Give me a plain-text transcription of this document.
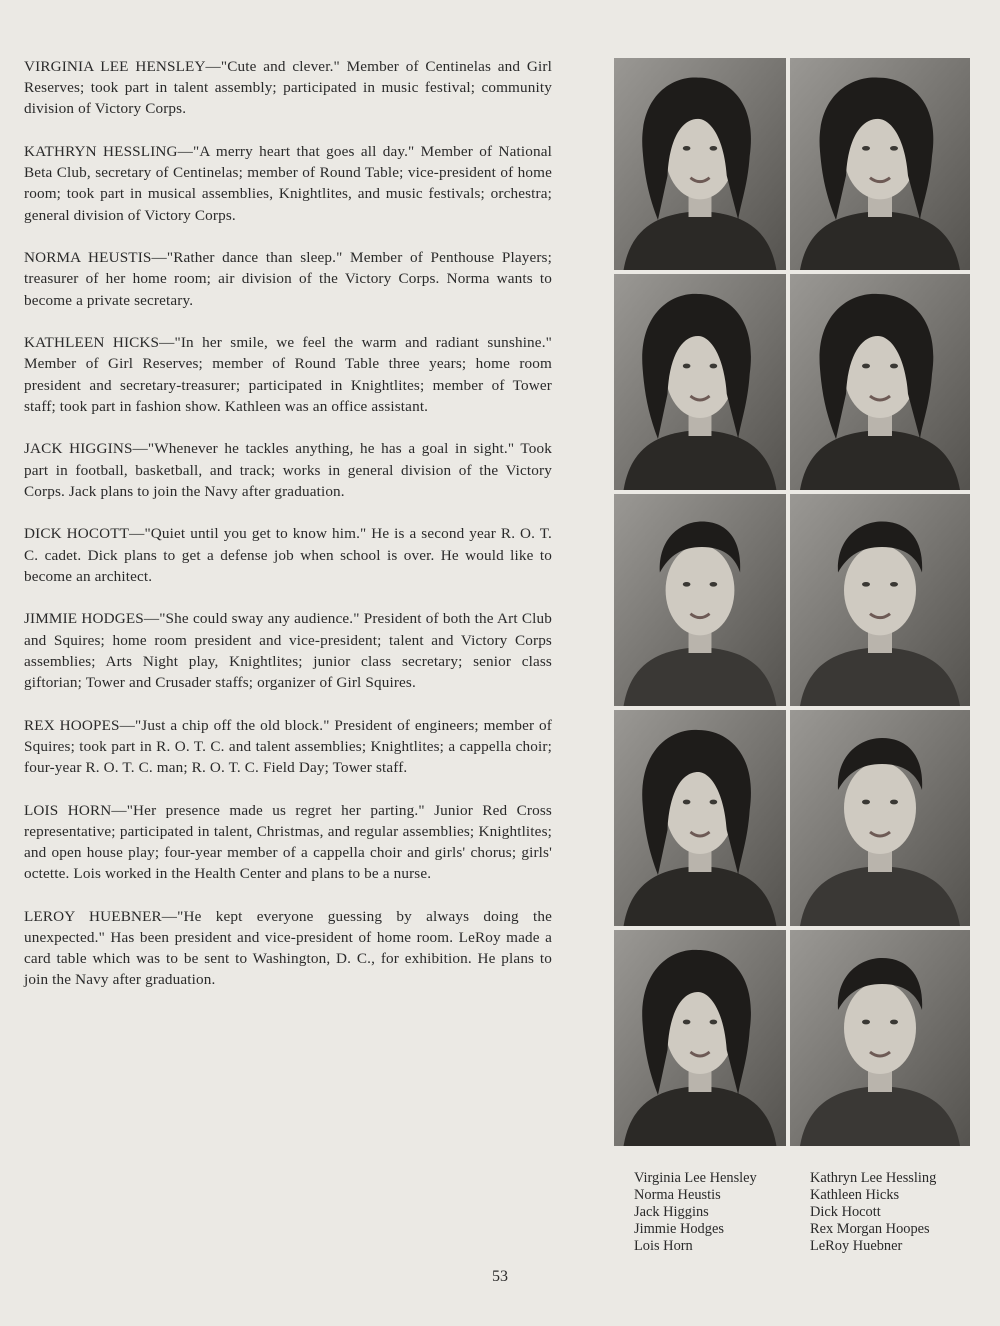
VIRGINIA LEE HENSLEY—"Cute and clever." Member of Centinelas and Girl Reserves; took part in talent assembly; participated in music festival; community division of Victory Corps.

KATHRYN HESSLING—"A merry heart that goes all day." Member of National Beta Club, secretary of Centinelas; member of Round Table; vice-president of home room; took part in musical assemblies, Knightlites, and music festivals; orchestra; general division of Victory Corps.

NORMA HEUSTIS—"Rather dance than sleep." Member of Penthouse Players; treasurer of her home room; air division of the Victory Corps. Norma wants to become a private secretary.

KATHLEEN HICKS—"In her smile, we feel the warm and radiant sunshine." Member of Girl Reserves; member of Round Table three years; home room president and secretary-treasurer; participated in Knightlites; member of Tower staff; took part in fashion show. Kathleen was an office assistant.

JACK HIGGINS—"Whenever he tackles anything, he has a goal in sight." Took part in football, basketball, and track; works in general division of the Victory Corps. Jack plans to join the Navy after graduation.

DICK HOCOTT—"Quiet until you get to know him." He is a second year R. O. T. C. cadet. Dick plans to get a defense job when school is over. He would like to become an architect.

JIMMIE HODGES—"She could sway any audience." President of both the Art Club and Squires; home room president and vice-president; talent and Victory Corps assemblies; Arts Night play, Knightlites; junior class secretary; senior class giftorian; Tower and Crusader staffs; organizer of Girl Squires.

REX HOOPES—"Just a chip off the old block." President of engineers; member of Squires; took part in R. O. T. C. and talent assemblies; Knightlites; a cappella choir; four-year R. O. T. C. man; R. O. T. C. Field Day; Tower staff.

LOIS HORN—"Her presence made us regret her parting." Junior Red Cross representative; participated in talent, Christmas, and regular assemblies; Knightlites; and open house play; four-year member of a cappella choir and girls' chorus; girls' octette. Lois worked in the Health Center and plans to be a nurse.

LEROY HUEBNER—"He kept everyone guessing by always doing the unexpected." Has been president and vice-president of home room. LeRoy made a card table which was to be sent to Washington, D. C., for exhibition. He plans to join the Navy after graduation.

Virginia Lee Hensley
Norma Heustis
Jack Higgins
Jimmie Hodges
Lois Horn
Kathryn Lee Hessling
Kathleen Hicks
Dick Hocott
Rex Morgan Hoopes
LeRoy Huebner
53
